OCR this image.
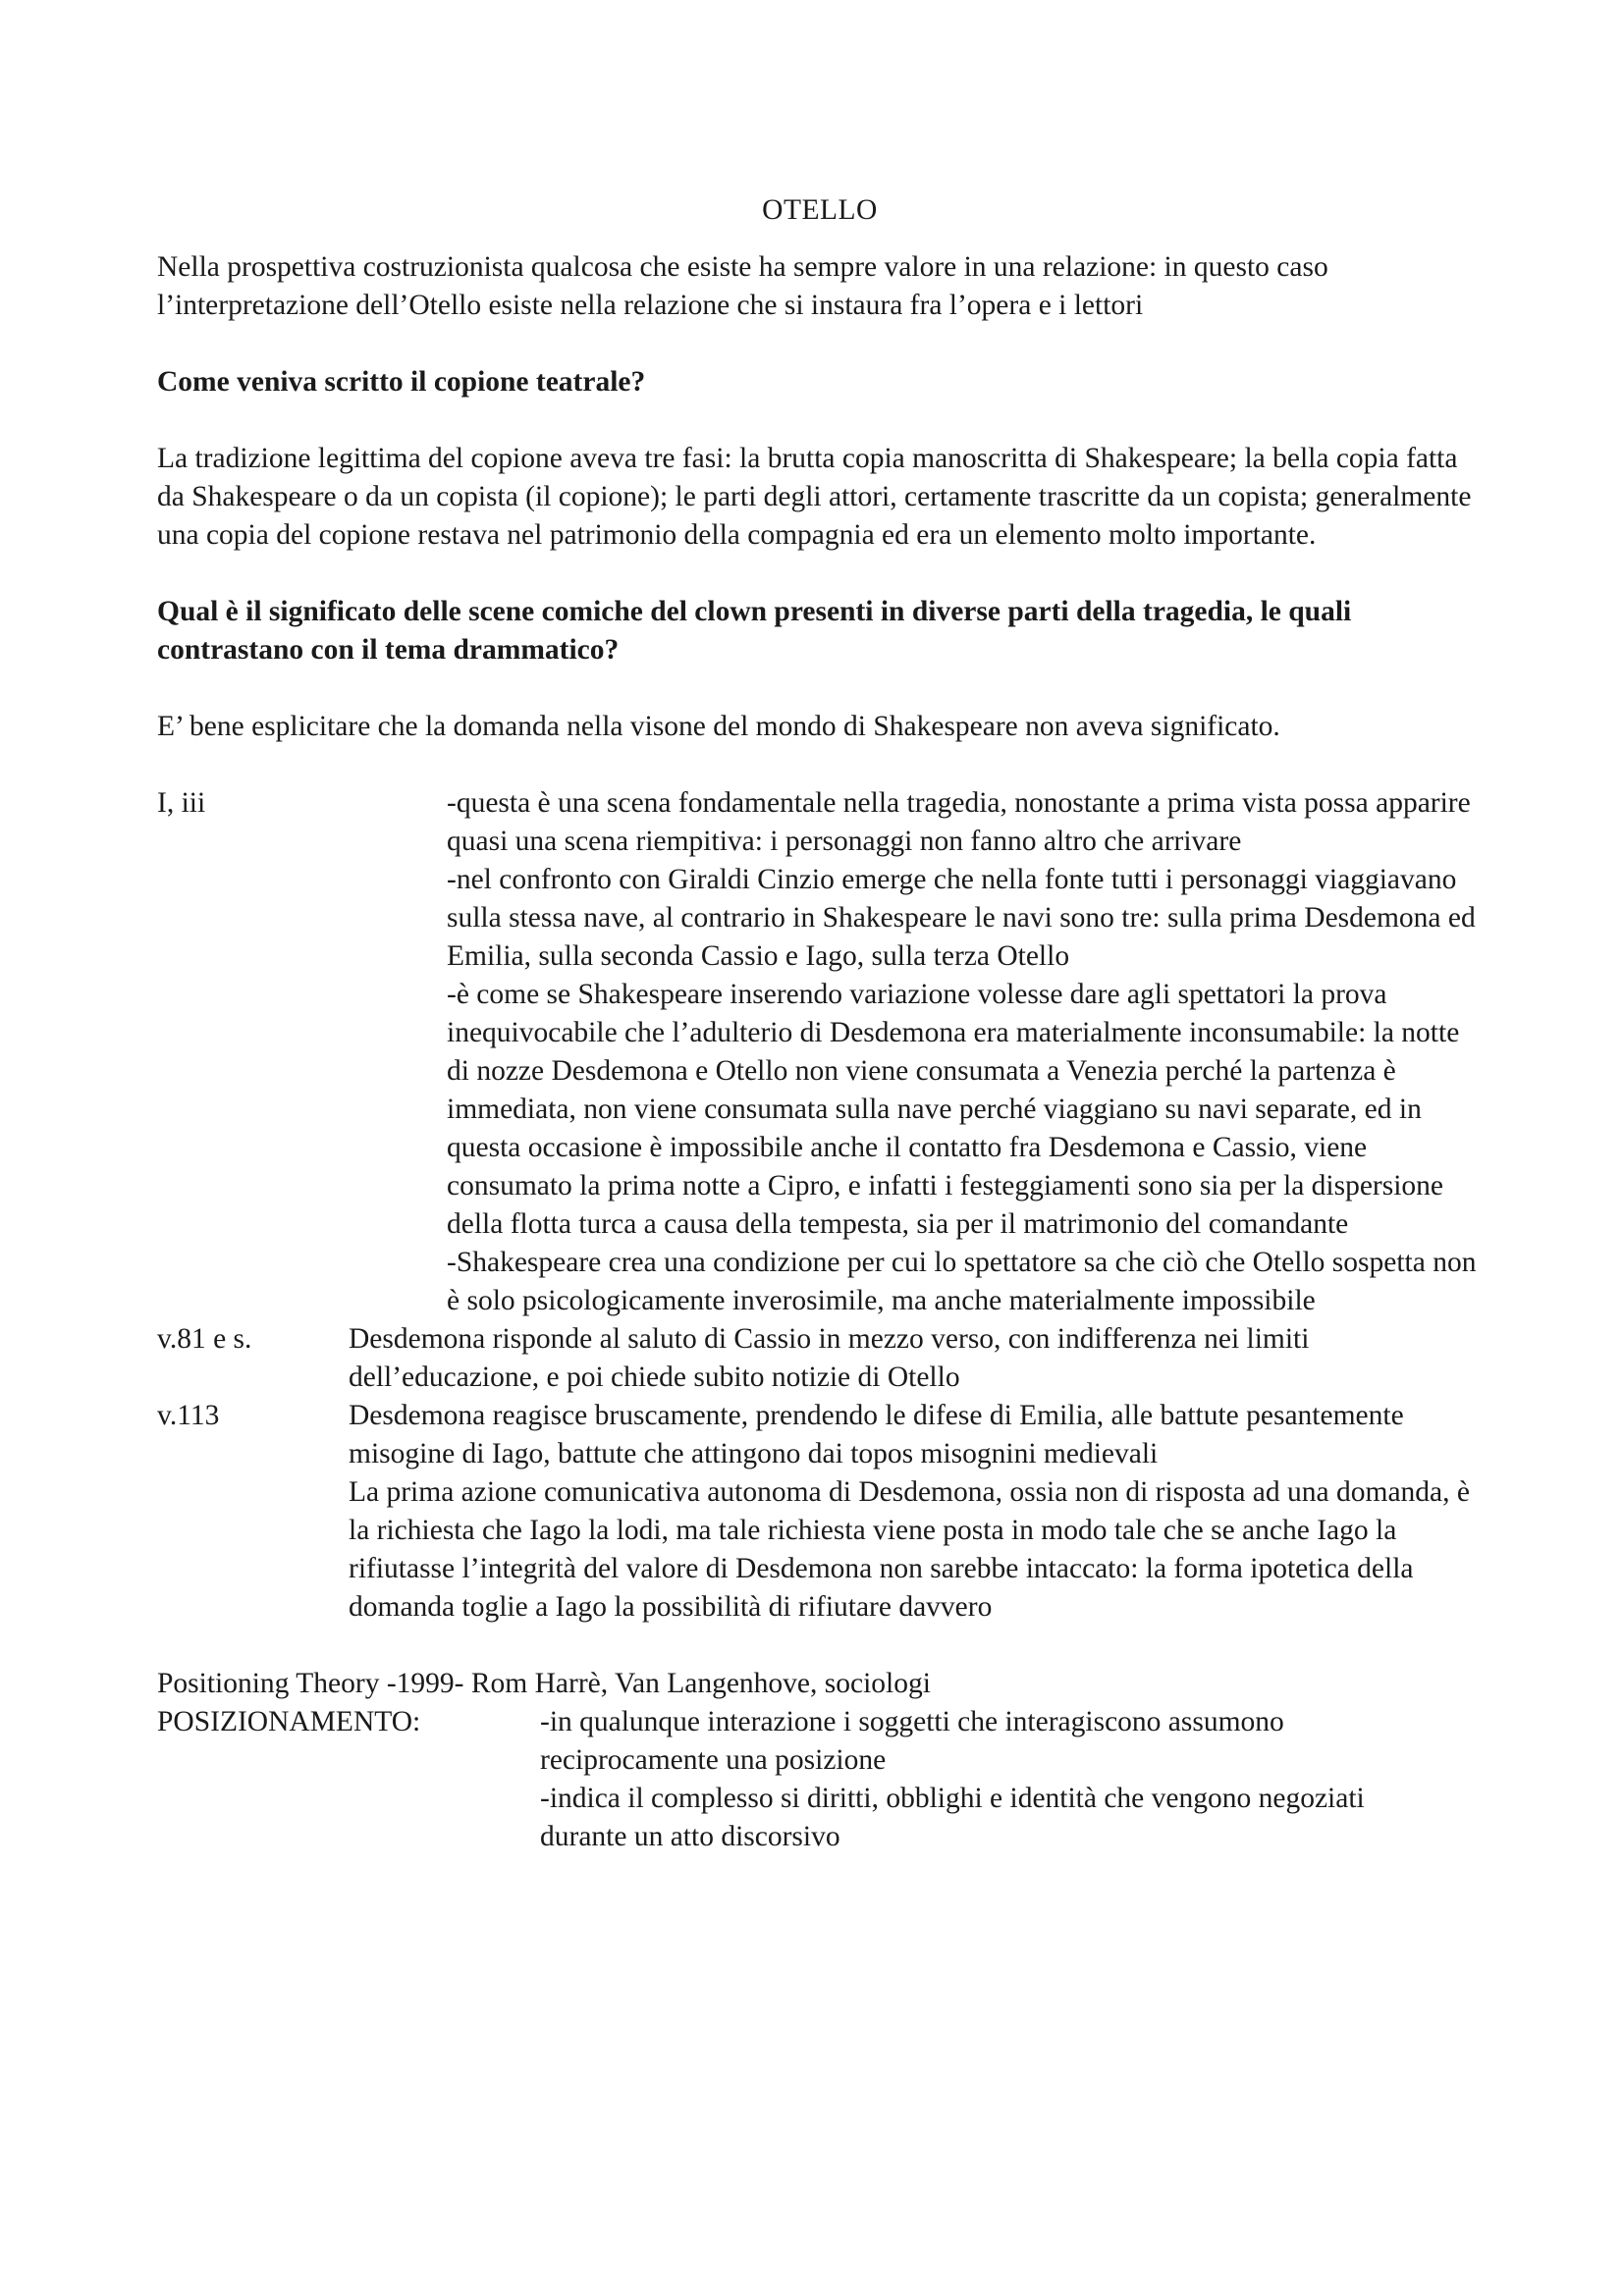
OTELLO

Nella prospettiva costruzionista qualcosa che esiste ha sempre valore in una relazione: in questo caso l’interpretazione dell’Otello esiste nella relazione che si instaura fra l’opera e i lettori

Come veniva scritto il copione teatrale?

La tradizione legittima del copione aveva tre fasi: la brutta copia manoscritta di Shakespeare; la bella copia fatta da Shakespeare o da un copista (il copione); le parti degli attori, certamente trascritte da un copista; generalmente una copia del copione restava nel patrimonio della compagnia ed era un elemento molto importante.

Qual è il significato delle scene comiche del clown presenti in diverse parti della tragedia, le quali contrastano con il tema drammatico?

E’ bene esplicitare che la domanda nella visone del mondo di Shakespeare non aveva significato.

I, iii	-questa è una scena fondamentale nella tragedia, nonostante a prima vista possa apparire quasi una scena riempitiva: i personaggi non fanno altro che arrivare

-nel confronto con Giraldi Cinzio emerge che nella fonte tutti i personaggi viaggiavano sulla stessa nave, al contrario in Shakespeare le navi sono tre: sulla prima Desdemona ed Emilia, sulla seconda Cassio e Iago, sulla terza Otello

-è come se Shakespeare inserendo variazione volesse dare agli spettatori la prova inequivocabile che l’adulterio di Desdemona era materialmente inconsumabile: la notte di nozze Desdemona e Otello non viene consumata a Venezia perché la partenza è immediata, non viene consumata sulla nave perché viaggiano su navi separate, ed in questa occasione è impossibile anche il contatto fra Desdemona e Cassio, viene consumato la prima notte a Cipro, e infatti i festeggiamenti sono sia per la dispersione della flotta turca a causa della tempesta, sia per il matrimonio del comandante

-Shakespeare crea una condizione per cui lo spettatore sa che ciò che Otello sospetta non è solo psicologicamente inverosimile, ma anche materialmente impossibile

v.81 e s.	Desdemona risponde al saluto di Cassio in mezzo verso, con indifferenza nei limiti dell’educazione, e poi chiede subito notizie di Otello

v.113	Desdemona reagisce bruscamente, prendendo le difese di Emilia, alle battute pesantemente misogine di Iago, battute che attingono dai topos misognini medievali

La prima azione comunicativa autonoma di Desdemona, ossia non di risposta ad una domanda, è la richiesta che Iago la lodi, ma tale richiesta viene posta in modo tale che se anche Iago la rifiutasse l’integrità del valore di Desdemona non sarebbe intaccato: la forma ipotetica della domanda toglie a Iago la possibilità di rifiutare davvero

Positioning Theory -1999- Rom Harrè, Van Langenhove, sociologi

POSIZIONAMENTO:	-in qualunque interazione i soggetti che interagiscono assumono reciprocamente una posizione

-indica il complesso si diritti, obblighi e identità che vengono negoziati durante un atto discorsivo
